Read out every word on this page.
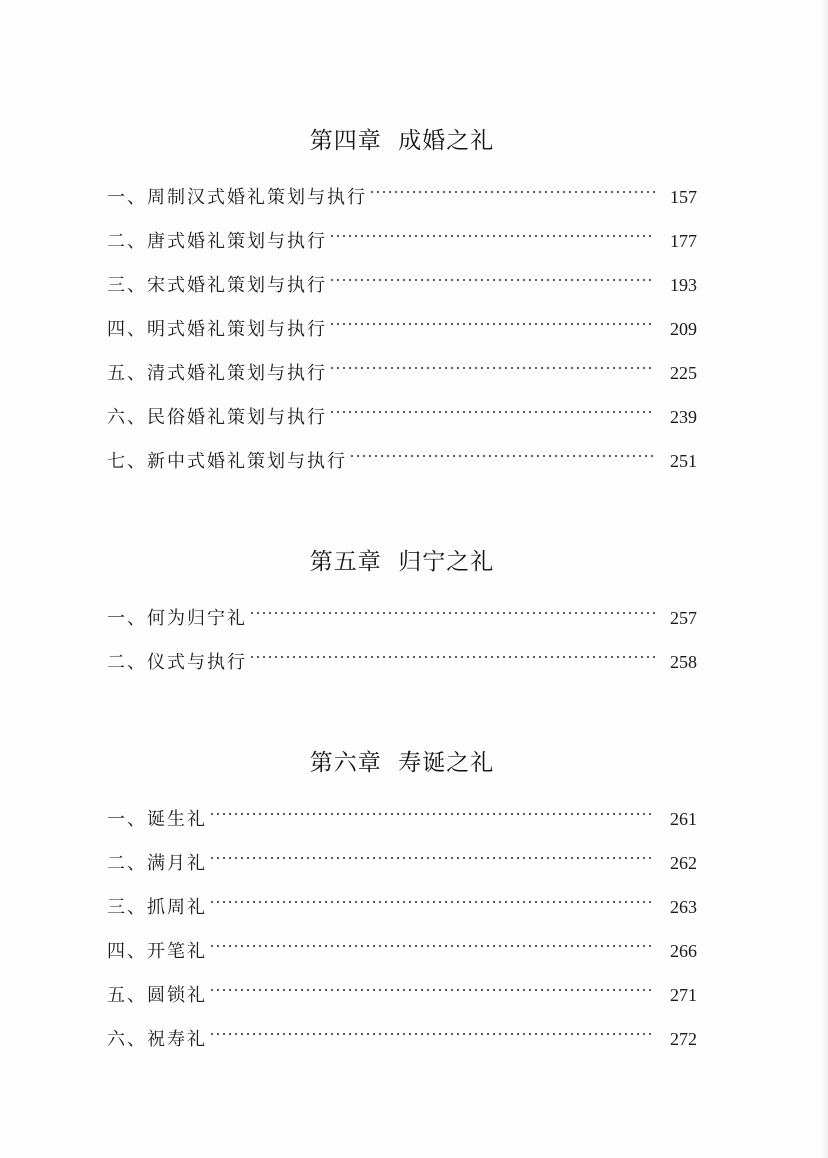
第四章  成婚之礼
一、 周制汉式婚礼策划与执行	157
二、 唐式婚礼策划与执行	177
三、 宋式婚礼策划与执行	193
四、 明式婚礼策划与执行	209
五、 清式婚礼策划与执行	225
六、 民俗婚礼策划与执行	239
七、 新中式婚礼策划与执行	251
第五章  归宁之礼
一、 何为归宁礼	257
二、 仪式与执行	258
第六章  寿诞之礼
一、 诞生礼	261
二、 满月礼	262
三、 抓周礼	263
四、 开笔礼	266
五、 圆锁礼	271
六、 祝寿礼	272
